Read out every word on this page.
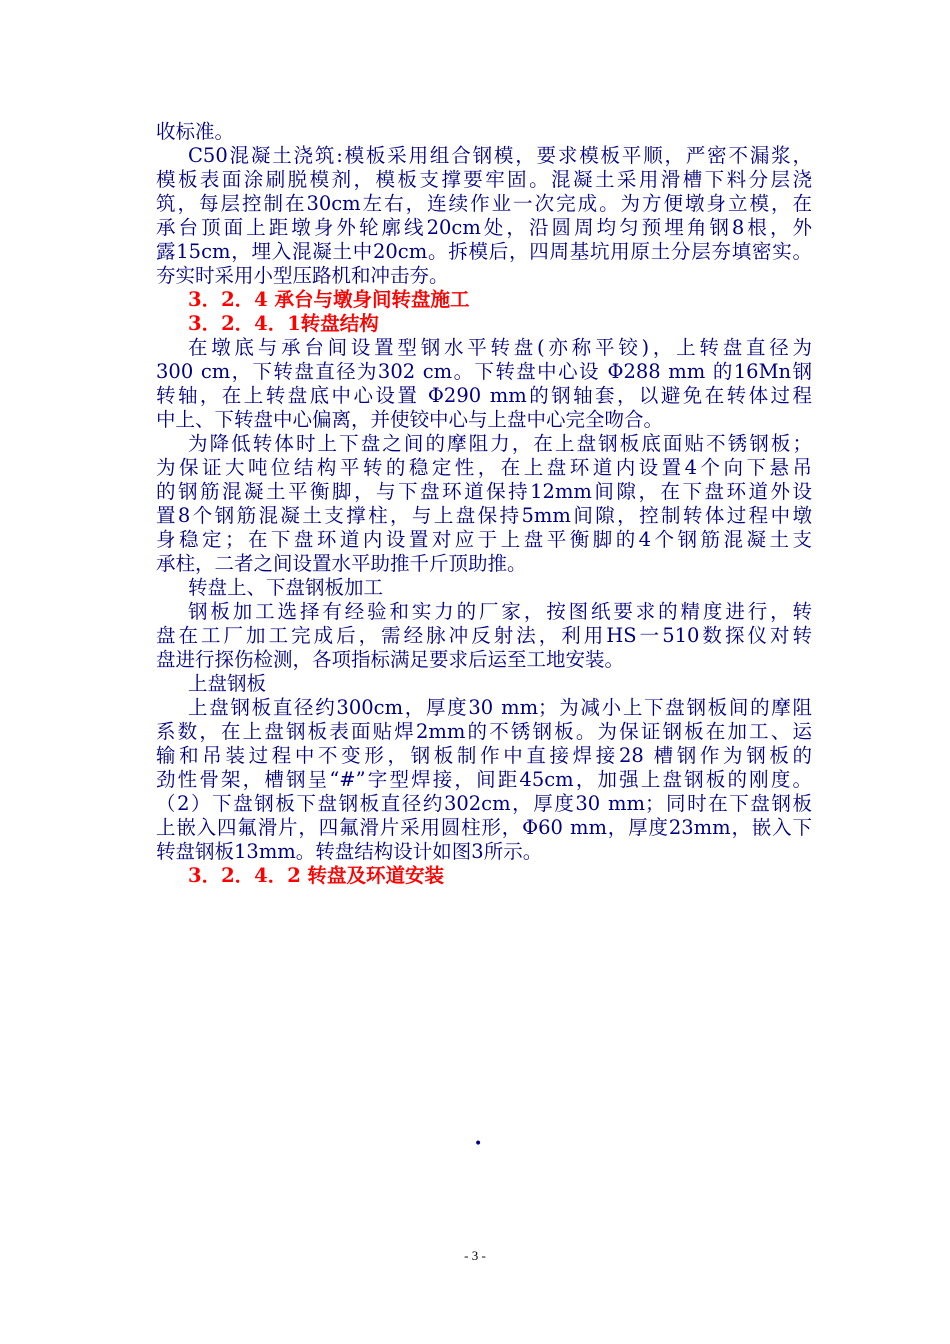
收标准。
C50混凝土浇筑:模板采用组合钢模，要求模板平顺，严密不漏浆，
模板表面涂刷脱模剂，模板支撑要牢固。混凝土采用滑槽下料分层浇
筑，每层控制在30cm左右，连续作业一次完成。为方便墩身立模，在
承台顶面上距墩身外轮廓线20cm处，沿圆周均匀预埋角钢8根，外
露15cm，埋入混凝土中20cm。拆模后，四周基坑用原土分层夯填密实。
夯实时采用小型压路机和冲击夯。
3．2．4 承台与墩身间转盘施工
3．2．4．1转盘结构
在墩底与承台间设置型钢水平转盘(亦称平铰)，上转盘直径为
300 cm，下转盘直径为302 cm。下转盘中心设 Φ288 mm 的16Mn钢
转轴，在上转盘底中心设置 Φ290 mm的钢轴套，以避免在转体过程
中上、下转盘中心偏离，并使铰中心与上盘中心完全吻合。
为降低转体时上下盘之间的摩阻力，在上盘钢板底面贴不锈钢板；
为保证大吨位结构平转的稳定性，在上盘环道内设置4个向下悬吊
的钢筋混凝土平衡脚，与下盘环道保持12mm间隙，在下盘环道外设
置8个钢筋混凝土支撑柱，与上盘保持5mm间隙，控制转体过程中墩
身稳定；在下盘环道内设置对应于上盘平衡脚的4个钢筋混凝土支
承柱，二者之间设置水平助推千斤顶助推。
转盘上、下盘钢板加工
钢板加工选择有经验和实力的厂家，按图纸要求的精度进行，转
盘在工厂加工完成后，需经脉冲反射法，利用HS一510数探仪对转
盘进行探伤检测，各项指标满足要求后运至工地安装。
上盘钢板
上盘钢板直径约300cm，厚度30 mm；为减小上下盘钢板间的摩阻
系数，在上盘钢板表面贴焊2mm的不锈钢板。为保证钢板在加工、运
输和吊装过程中不变形，钢板制作中直接焊接28 槽钢作为钢板的
劲性骨架，槽钢呈“#”字型焊接，间距45cm，加强上盘钢板的刚度。
（2）下盘钢板下盘钢板直径约302cm，厚度30 mm；同时在下盘钢板
上嵌入四氟滑片，四氟滑片采用圆柱形，Φ60 mm，厚度23mm，嵌入下
转盘钢板13mm。转盘结构设计如图3所示。
3．2．4．2 转盘及环道安装
•
- 3 -
